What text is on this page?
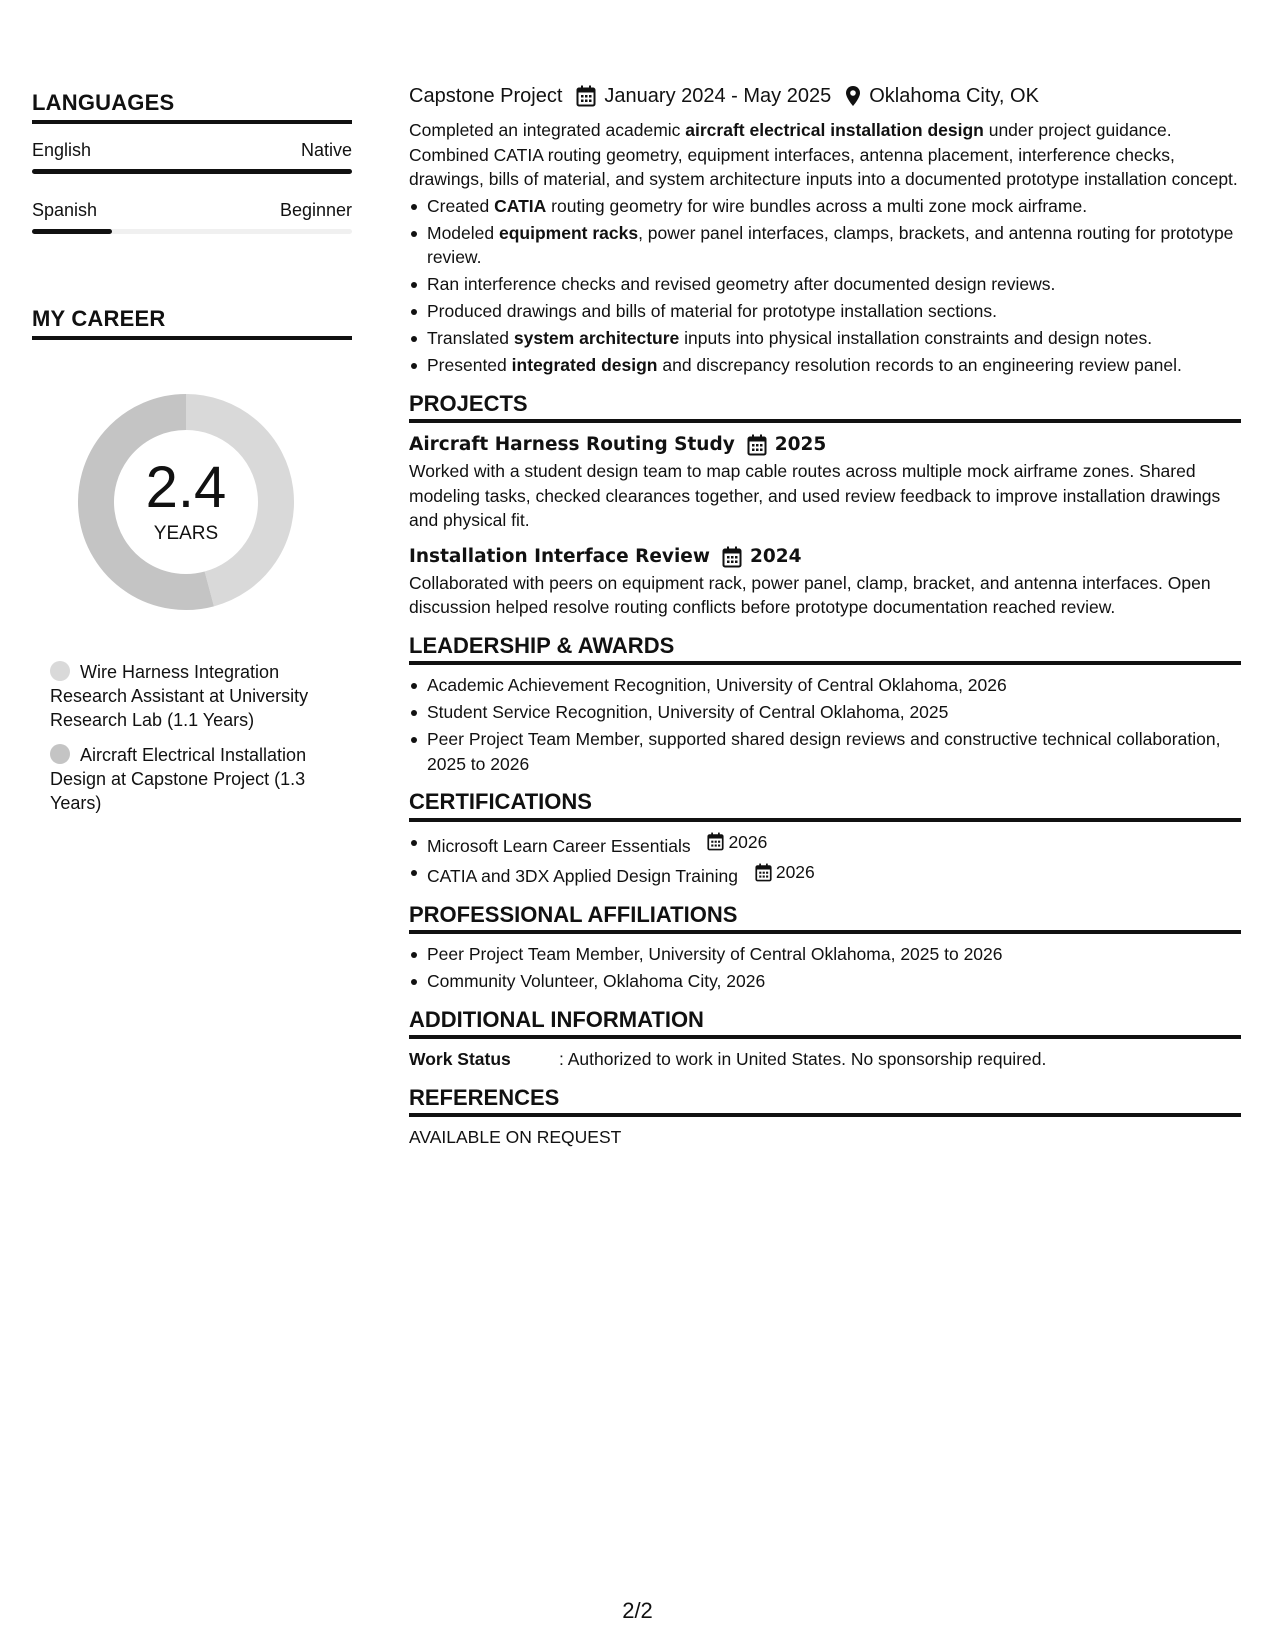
LANGUAGES
English	Native
Spanish	Beginner
MY CAREER
2.4
YEARS
Wire Harness Integration Research Assistant at University Research Lab (1.1 Years)
Aircraft Electrical Installation Design at Capstone Project (1.3 Years)
Capstone Project January 2024 - May 2025 Oklahoma City, OK
Completed an integrated academic aircraft electrical installation design under project guidance. Combined CATIA routing geometry, equipment interfaces, antenna placement, interference checks, drawings, bills of material, and system architecture inputs into a documented prototype installation concept.
Created CATIA routing geometry for wire bundles across a multi zone mock airframe.
Modeled equipment racks, power panel interfaces, clamps, brackets, and antenna routing for prototype review.
Ran interference checks and revised geometry after documented design reviews.
Produced drawings and bills of material for prototype installation sections.
Translated system architecture inputs into physical installation constraints and design notes.
Presented integrated design and discrepancy resolution records to an engineering review panel.
PROJECTS
Aircraft Harness Routing Study 2025
Worked with a student design team to map cable routes across multiple mock airframe zones. Shared modeling tasks, checked clearances together, and used review feedback to improve installation drawings and physical fit.
Installation Interface Review 2024
Collaborated with peers on equipment rack, power panel, clamp, bracket, and antenna interfaces. Open discussion helped resolve routing conflicts before prototype documentation reached review.
LEADERSHIP & AWARDS
Academic Achievement Recognition, University of Central Oklahoma, 2026
Student Service Recognition, University of Central Oklahoma, 2025
Peer Project Team Member, supported shared design reviews and constructive technical collaboration, 2025 to 2026
CERTIFICATIONS
Microsoft Learn Career Essentials 2026
CATIA and 3DX Applied Design Training 2026
PROFESSIONAL AFFILIATIONS
Peer Project Team Member, University of Central Oklahoma, 2025 to 2026
Community Volunteer, Oklahoma City, 2026
ADDITIONAL INFORMATION
Work Status	: Authorized to work in United States. No sponsorship required.
REFERENCES
AVAILABLE ON REQUEST
2/2
